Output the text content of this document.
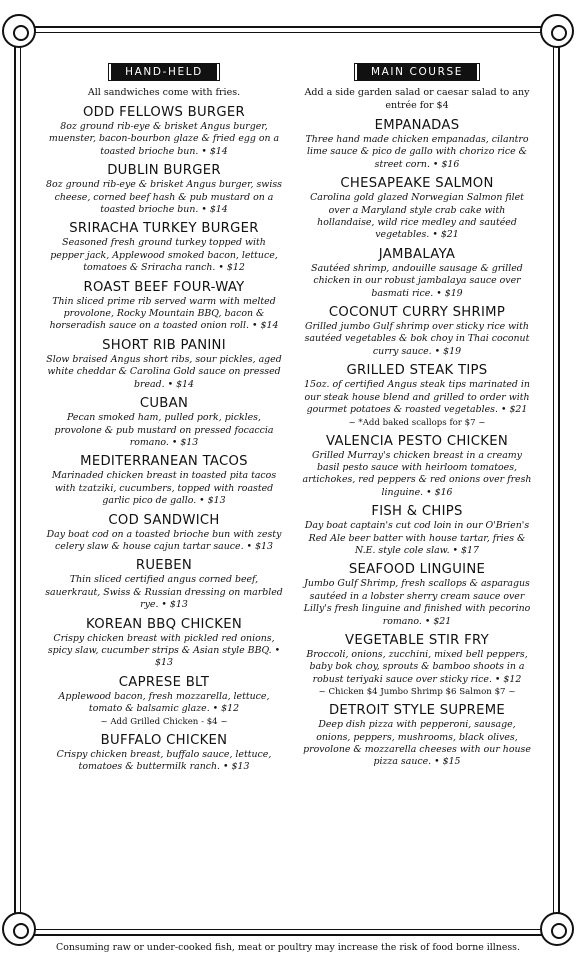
HAND-HELD

All sandwiches come with fries.

ODD FELLOWS BURGER

8oz ground rib-eye & brisket Angus burger, muenster, bacon-bourbon glaze & fried egg on a toasted brioche bun. • $14

DUBLIN BURGER

8oz ground rib-eye & brisket Angus burger, swiss cheese, corned beef hash & pub mustard on a toasted brioche bun. • $14

SRIRACHA TURKEY BURGER

Seasoned fresh ground turkey topped with pepper jack, Applewood smoked bacon, lettuce, tomatoes & Sriracha ranch. • $12

ROAST BEEF FOUR-WAY

Thin sliced prime rib served warm with melted provolone, Rocky Mountain BBQ, bacon & horseradish sauce on a toasted onion roll. • $14

SHORT RIB PANINI

Slow braised Angus short ribs, sour pickles, aged white cheddar & Carolina Gold sauce on pressed bread. • $14

CUBAN

Pecan smoked ham, pulled pork, pickles, provolone & pub mustard on pressed focaccia romano. • $13

MEDITERRANEAN TACOS

Marinaded chicken breast in toasted pita tacos with tzatziki, cucumbers, topped with roasted garlic pico de gallo. • $13

COD SANDWICH

Day boat cod on a toasted brioche bun with zesty celery slaw & house cajun tartar sauce. • $13

RUEBEN

Thin sliced certified angus corned beef, sauerkraut, Swiss & Russian dressing on marbled rye. • $13

KOREAN BBQ CHICKEN

Crispy chicken breast with pickled red onions, spicy slaw, cucumber strips & Asian style BBQ. • $13

CAPRESE BLT

Applewood bacon, fresh mozzarella, lettuce, tomato & balsamic glaze. • $12

~ Add Grilled Chicken - $4 ~

BUFFALO CHICKEN

Crispy chicken breast, buffalo sauce, lettuce, tomatoes & buttermilk ranch. • $13

MAIN COURSE

Add a side garden salad or caesar salad to any entrée for $4

EMPANADAS

Three hand made chicken empanadas, cilantro lime sauce & pico de gallo with chorizo rice & street corn. • $16

CHESAPEAKE SALMON

Carolina gold glazed Norwegian Salmon filet over a Maryland style crab cake with hollandaise, wild rice medley and sautéed vegetables. • $21

JAMBALAYA

Sautéed shrimp, andouille sausage & grilled chicken in our robust jambalaya sauce over basmati rice. • $19

COCONUT CURRY SHRIMP

Grilled jumbo Gulf shrimp over sticky rice with sautéed vegetables & bok choy in Thai coconut curry sauce. • $19

GRILLED STEAK TIPS

15oz. of certified Angus steak tips marinated in our steak house blend and grilled to order with gourmet potatoes & roasted vegetables. • $21

~ *Add baked scallops for $7 ~

VALENCIA PESTO CHICKEN

Grilled Murray's chicken breast in a creamy basil pesto sauce with heirloom tomatoes, artichokes, red peppers & red onions over fresh linguine. • $16

FISH & CHIPS

Day boat captain's cut cod loin in our O'Brien's Red Ale beer batter with house tartar, fries & N.E. style cole slaw. • $17

SEAFOOD LINGUINE

Jumbo Gulf Shrimp, fresh scallops & asparagus sautéed in a lobster sherry cream sauce over Lilly's fresh linguine and finished with pecorino romano. • $21

VEGETABLE STIR FRY

Broccoli, onions, zucchini, mixed bell peppers, baby bok choy, sprouts & bamboo shoots in a robust teriyaki sauce over sticky rice. • $12

~ Chicken $4 Jumbo Shrimp $6 Salmon $7 ~

DETROIT STYLE SUPREME

Deep dish pizza with pepperoni, sausage, onions, peppers, mushrooms, black olives, provolone & mozzarella cheeses with our house pizza sauce. • $15

Consuming raw or under-cooked fish, meat or poultry may increase the risk of food borne illness.
